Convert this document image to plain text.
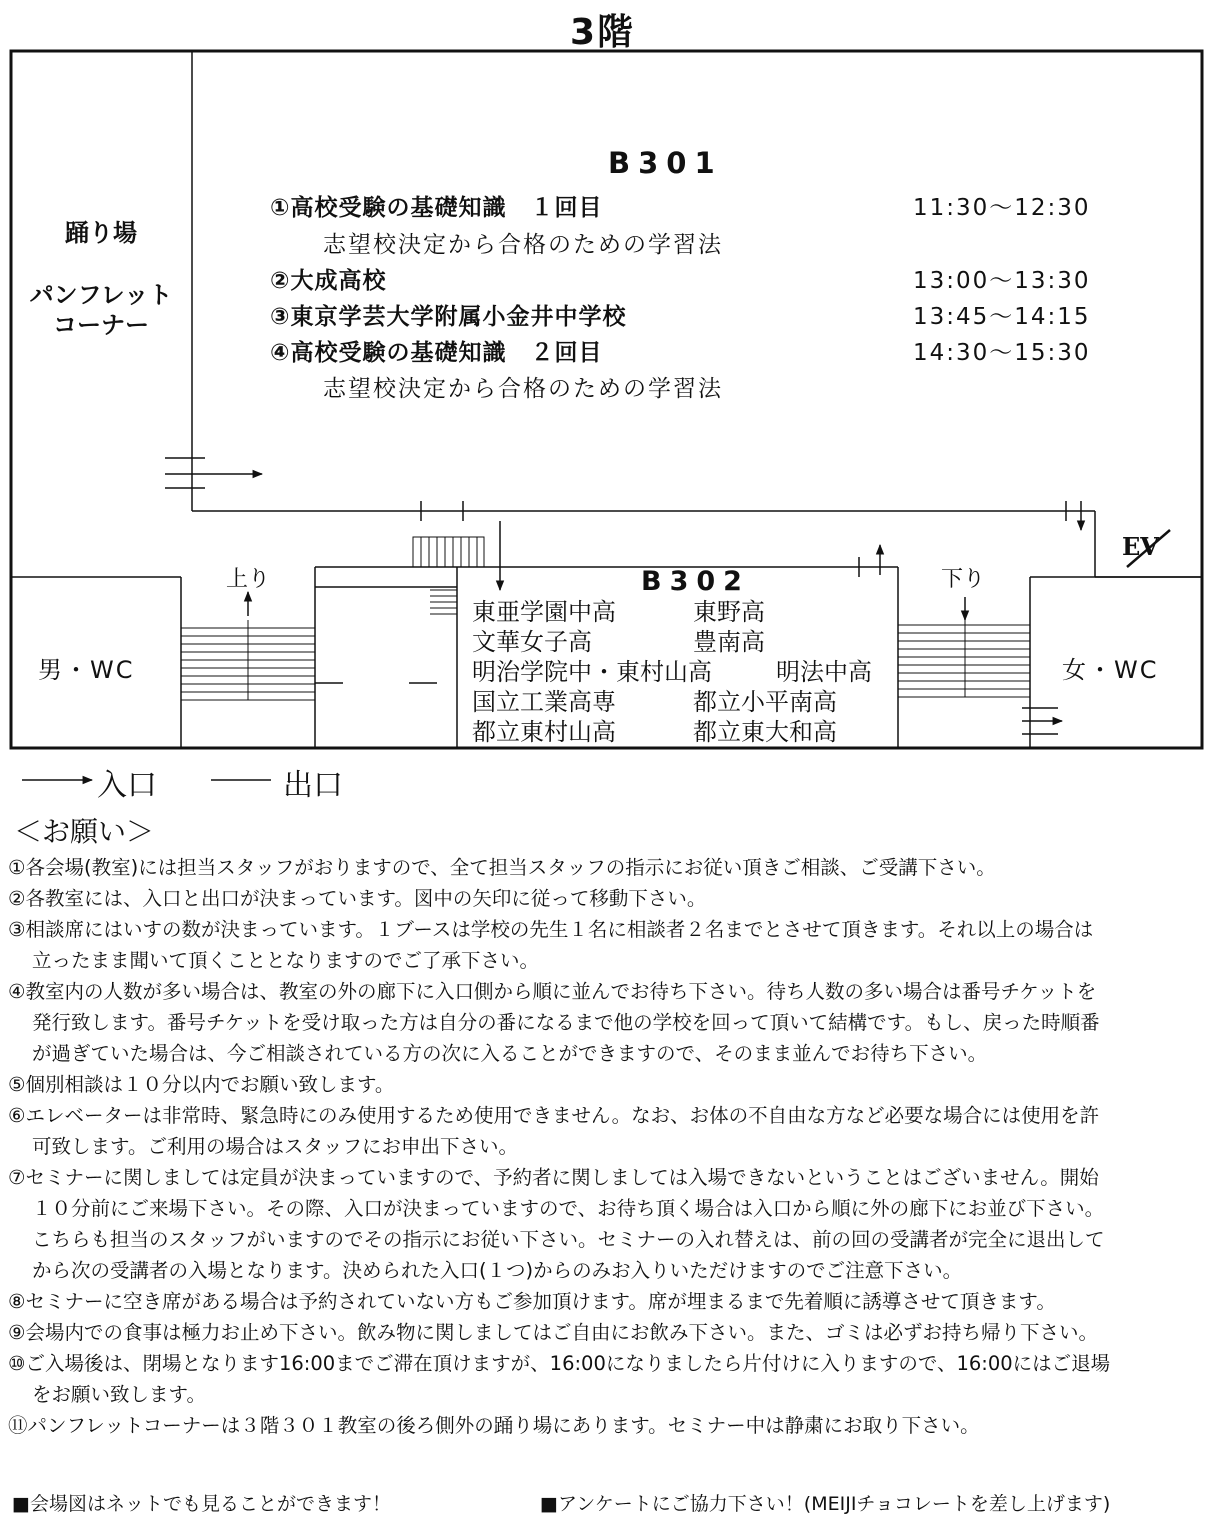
3階
B301
①高校受験の基礎知識　１回目	11:30〜12:30
志望校決定から合格のための学習法
②大成高校	13:00〜13:30
③東京学芸大学附属小金井中学校	13:45〜14:15
④高校受験の基礎知識　２回目	14:30〜15:30
志望校決定から合格のための学習法
踊り場
パンフレット
コーナー
B302
東亜学園中高	東野高
文華女子高	豊南高
明治学院中・東村山高	明法中高
国立工業高専	都立小平南高
都立東村山高	都立東大和高
上り	下り
男・WC	女・WC
EV
入口	出口
＜お願い＞

①各会場(教室)には担当スタッフがおりますので、全て担当スタッフの指示にお従い頂きご相談、ご受講下さい。

②各教室には、入口と出口が決まっています。図中の矢印に従って移動下さい。

③相談席にはいすの数が決まっています。１ブースは学校の先生１名に相談者２名までとさせて頂きます。それ以上の場合は
立ったまま聞いて頂くこととなりますのでご了承下さい。

④教室内の人数が多い場合は、教室の外の廊下に入口側から順に並んでお待ち下さい。待ち人数の多い場合は番号チケットを
発行致します。番号チケットを受け取った方は自分の番になるまで他の学校を回って頂いて結構です。もし、戻った時順番
が過ぎていた場合は、今ご相談されている方の次に入ることができますので、そのまま並んでお待ち下さい。

⑤個別相談は１０分以内でお願い致します。

⑥エレベーターは非常時、緊急時にのみ使用するため使用できません。なお、お体の不自由な方など必要な場合には使用を許
可致します。ご利用の場合はスタッフにお申出下さい。

⑦セミナーに関しましては定員が決まっていますので、予約者に関しましては入場できないということはございません。開始
１０分前にご来場下さい。その際、入口が決まっていますので、お待ち頂く場合は入口から順に外の廊下にお並び下さい。
こちらも担当のスタッフがいますのでその指示にお従い下さい。セミナーの入れ替えは、前の回の受講者が完全に退出して
から次の受講者の入場となります。決められた入口(１つ)からのみお入りいただけますのでご注意下さい。

⑧セミナーに空き席がある場合は予約されていない方もご参加頂けます。席が埋まるまで先着順に誘導させて頂きます。

⑨会場内での食事は極力お止め下さい。飲み物に関しましてはご自由にお飲み下さい。また、ゴミは必ずお持ち帰り下さい。

⑩ご入場後は、閉場となります16:00までご滞在頂けますが、16:00になりましたら片付けに入りますので、16:00にはご退場
をお願い致します。

⑪パンフレットコーナーは３階３０１教室の後ろ側外の踊り場にあります。セミナー中は静粛にお取り下さい。

■会場図はネットでも見ることができます！	■アンケートにご協力下さい！(MEIJIチョコレートを差し上げます)
